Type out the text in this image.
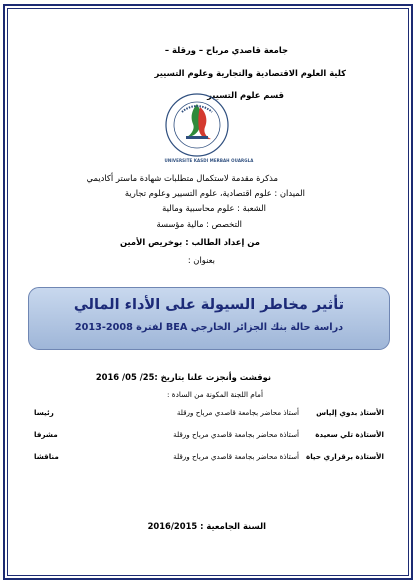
جامعة قاصدي مرباح – ورقلة –
كلية العلوم الاقتصادية والتجارية وعلوم التسيير
قسم علوم التسيير
UNIVERSITE KASDI MERBAH OUARGLA
مذكرة مقدمة لاستكمال متطلبات شهادة ماستر أكاديمي
الميدان : علوم اقتصادية، علوم التسيير وعلوم تجارية
الشعبة : علوم محاسبية ومالية
التخصص : مالية مؤسسة
من إعداد الطالب : بوخريص الأمين
بعنوان :
تأثير مخاطر السيولة على الأداء المالي
دراسة حالة بنك الجزائر الخارجي BEA لفترة 2008-2013
نوقشت وأنجزت علنا بتاريخ :25/ 05/ 2016
أمام اللجنة المكونة من السادة :
الأستاذ بدوي إلياس
أستاذ محاضر بجامعة قاصدي مرباح ورقلة
رئيسا
الأستاذة تلي سعيدة
أستاذة محاضر بجامعة قاصدي مرباح ورقلة
مشرفا
الأستاذة برقراري حياة
أستاذة محاضر بجامعة قاصدي مرباح ورقلة
مناقشا
السنة الجامعية : 2016/2015
